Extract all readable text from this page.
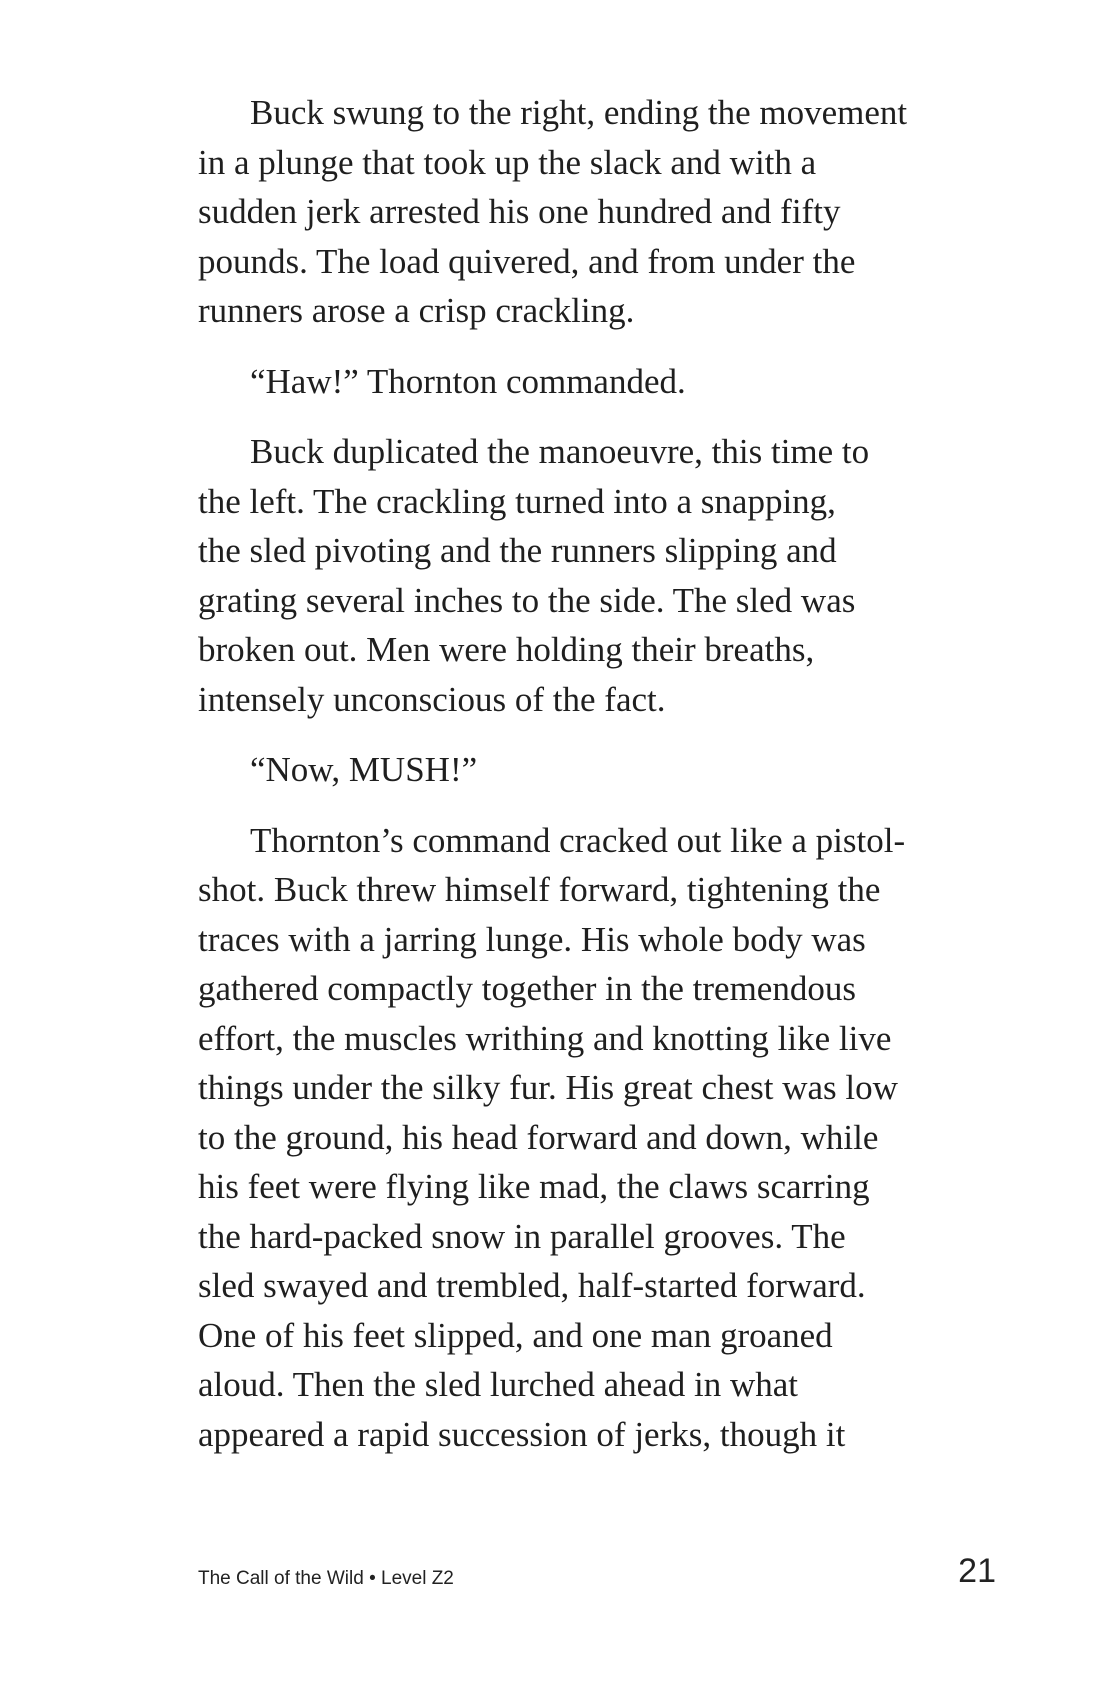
Buck swung to the right, ending the movement
in a plunge that took up the slack and with a
sudden jerk arrested his one hundred and fifty
pounds. The load quivered, and from under the
runners arose a crisp crackling.

“Haw!” Thornton commanded.

Buck duplicated the manoeuvre, this time to
the left. The crackling turned into a snapping,
the sled pivoting and the runners slipping and
grating several inches to the side. The sled was
broken out. Men were holding their breaths,
intensely unconscious of the fact.

“Now, MUSH!”

Thornton’s command cracked out like a pistol-
shot. Buck threw himself forward, tightening the
traces with a jarring lunge. His whole body was
gathered compactly together in the tremendous
effort, the muscles writhing and knotting like live
things under the silky fur. His great chest was low
to the ground, his head forward and down, while
his feet were flying like mad, the claws scarring
the hard-packed snow in parallel grooves. The
sled swayed and trembled, half-started forward.
One of his feet slipped, and one man groaned
aloud. Then the sled lurched ahead in what
appeared a rapid succession of jerks, though it

The Call of the Wild • Level Z2	21
